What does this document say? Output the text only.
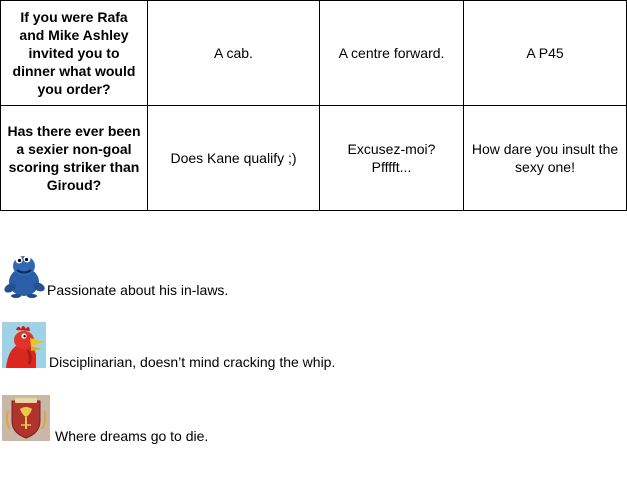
If you were Rafa and Mike Ashley invited you to dinner what would you order?	A cab.	A centre forward.	A P45
Has there ever been a sexier non-goal scoring striker than Giroud?	Does Kane qualify ;)	Excusez-moi? Pfffft...	How dare you insult the sexy one!
Passionate about his in-laws.
Disciplinarian, doesn’t mind cracking the whip.
Where dreams go to die.
